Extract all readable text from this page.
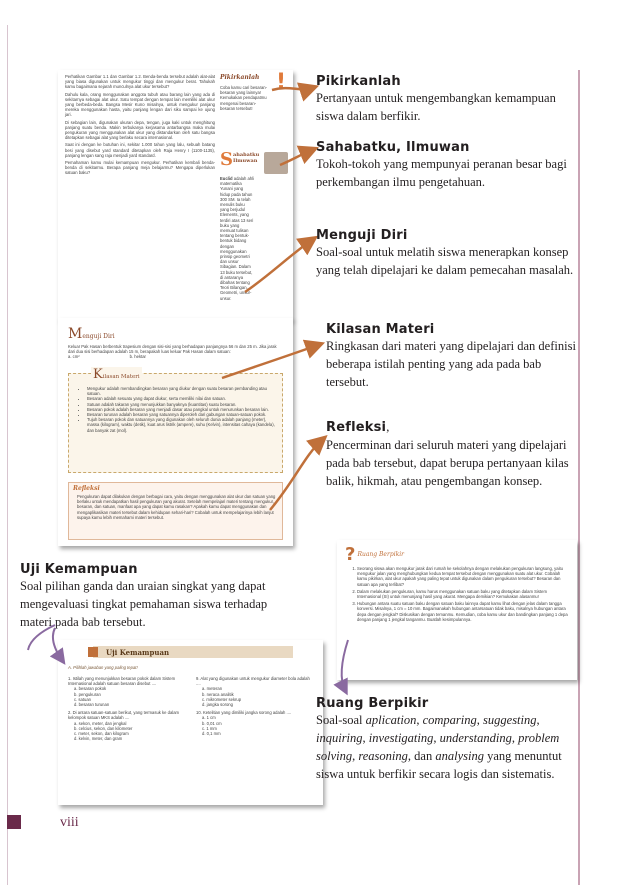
Perhatikan Gambar 1.1 dan Gambar 1.2. Benda-benda tersebut adalah alat-alat yang biasa digunakan untuk mengukur tinggi dan mengukur berat. Tahukah kamu bagaimana sejarah munculnya alat ukur tersebut?

Dahulu kala, orang menggunakan anggota tubuh atau barang lain yang ada di sekitarnya sebagai alat ukur. Satu tempat dengan tempat lain memiliki alat ukur yang berbeda-beda. Bangsa Mesir Kuno misalnya, untuk mengukur panjang mereka menggunakan hasta, yaitu panjang lengan dari siku sampai ke ujung jari.

Di sebagian lain, digunakan ukuran depa, tengan, juga kaki untuk menghitung panjang suatu benda. Makin terbukanya kerjasama antarbangsa maka mulai pengukuran yang menggunakan alat ukur yang distandarkan oleh satu bangsa ditetapkan sebagai alat yang berlaku secara internasional.

Saat ini dengan ke butuhan ini, sekitar 1.000 tahun yang lalu, sebuah batang besi yang disebut yard standard ditetapkan oleh Raja Henry I (1100-1135), panjang lengan sang raja menjadi yard standard.

Pemahaman kamu mulai kemampuan mengukur. Perhatikan kembali benda-benda di sekitarmu. Berapa panjang meja belajarmu? Mengapa diperlukan satuan baku?

Pikirkanlah !
Coba kamu cari besaran-besaran yang lainnya! Kemukakan pendapatmu mengenai besaran-besaran tersebut!
S ahabatku Ilmuwan
Euclid adalah ahli matematika Yunani yang hidup pada tahun 300 SM. Ia telah menulis buku yang berjudul Elements, yang terdiri atas 13 seri buku yang memuat tulisan tentang bentuk-bentuk bidang dengan menggunakan prinsip geometri dan unsur Sibagian. Dalam 13 buku tersebut, di antaranya dibahas tentang Teori Bilangan, Geometri, unsur-unsur.
M enguji Diri
Keluar Pak Hasan berbentuk trapesium dengan sisi-sisi yang berhadapan panjangnya 56 m dan 25 m. Jika jarak dari dua sisi berhadapan adalah 15 m, berapakah luas keluar Pak Hasan dalam satuan:
a. cm²	b. hektar
K ilasan Materi
• Mengukur adalah membandingkan besaran yang diukur dengan suatu besaran pembanding atau satuan.
• Besaran adalah sesuatu yang dapat diukur, serta memiliki nilai dan satuan.
• Satuan adalah takaran yang menunjukkan banyaknya (kuantitas) suatu besaran.
• Besaran pokok adalah besaran yang menjadi dasar atau pangkal untuk menurunkan besaran lain.
• Besaran turunan adalah besaran yang satuannya diperoleh dari gabungan satuan-satuan pokok.
• Tujuh besaran pokok dan satuannya yang digunakan oleh seluruh dunia adalah panjang (meter), massa (kilogram), waktu (detik), kuat arus listrik (ampere), suhu (Kelvin), intensitas cahaya (kandela), dan banyak zat (mol).
Refleksi
Pengukuran dapat dilakukan dengan berbagai cara, yaitu dengan menggunakan alat ukur dan satuan yang berlaku untuk mendapatkan hasil pengukuran yang akurat. Setelah mempelajari materi tentang mengukur, besaran, dan satuan, manfaat apa yang dapat kamu rasakan? Apakah kamu dapat menggunakan dan mengaplikasikan materi tersebut dalam kehidupan sehari-hari? Cobalah untuk mempelajarinya lebih lanjut supaya kamu lebih memahami materi tersebut.
? Ruang Berpikir
1. Seorang siswa akan mengukur jarak dari rumah ke sekolahnya dengan melakukan pengukuran langsung, yaitu mengukur jalan yang menghubungkan kedua tempat tersebut dengan menggunakan suatu alat ukur. Cobalah kamu pikirkan, alat ukur apakah yang paling tepat untuk digunakan dalam pengukuran tersebut? Besaran dan satuan apa yang terlibat?
2. Dalam melakukan pengukuran, kamu harus menggunakan satuan baku yang ditetapkan dalam Sistem Internasional (SI) untuk menunjang hasil yang akurat. Mengapa demikian? Kemukakan alasanmu!
3. Hubungan antara suatu satuan baku dengan satuan baku lainnya dapat kamu lihat dengan jelas dalam tangga konversi. Misalnya, 1 cm = 10 mm. Bagaimanakah hubungan antarsatuan tidak baku, misalnya hubungan antara depa dengan jengkal? Diskusikan dengan temanmu. Kemudian, coba kamu ukur dan bandingkan panjang 1 depa dengan panjang 1 jengkal tanganmu. Buatlah kesimpulannya.
Uji Kemampuan
A. Pilihlah jawaban yang paling tepat!
1. Istilah yang menunjukkan besaran pokok dalam Sistem Internasional adalah satuan besaran disebut ....
a. besaran pokok
b. pengukuran
c. satuan
d. besaran turunan
2. Di antara satuan-satuan berikut, yang termasuk ke dalam kelompok satuan MKS adalah ....
a. sekon, meter, dan jengkal
b. celcius, sekon, dan kilometer
c. meter, sekon, dan kilogram
d. kelvin, meter, dan gram
9. Alat yang digunakan untuk mengukur diameter bola adalah ....
a. meteran
b. neraca analitik
c. mikrometer sekrup
d. jangka sorong
10. Ketelitian yang dimiliki jangka sorong adalah ....
a. 1 cm
b. 0,01 cm
c. 1 mm
d. 0,1 mm
Pikirkanlah
Pertanyaan untuk mengembangkan kemampuan siswa dalam berfikir.
Sahabatku, Ilmuwan
Tokoh-tokoh yang mempunyai peranan besar bagi perkembangan ilmu pengetahuan.
Menguji Diri
Soal-soal untuk melatih siswa menerapkan konsep yang telah dipelajari ke dalam pemecahan masalah.
Kilasan Materi
Ringkasan dari materi yang dipelajari dan definisi beberapa istilah penting yang ada pada bab tersebut.
Refleksi,
Pencerminan dari seluruh materi yang dipelajari pada bab tersebut, dapat berupa pertanyaan kilas balik, hikmah, atau pengembangan konsep.
Uji Kemampuan
Soal pilihan ganda dan uraian singkat yang dapat mengevaluasi tingkat pemahaman siswa terhadap materi pada bab tersebut.
Ruang Berpikir
Soal-soal aplication, comparing, suggesting, inquiring, investigating, understanding, problem solving, reasoning, dan analysing yang menuntut siswa untuk berfikir secara logis dan sistematis.
viii
